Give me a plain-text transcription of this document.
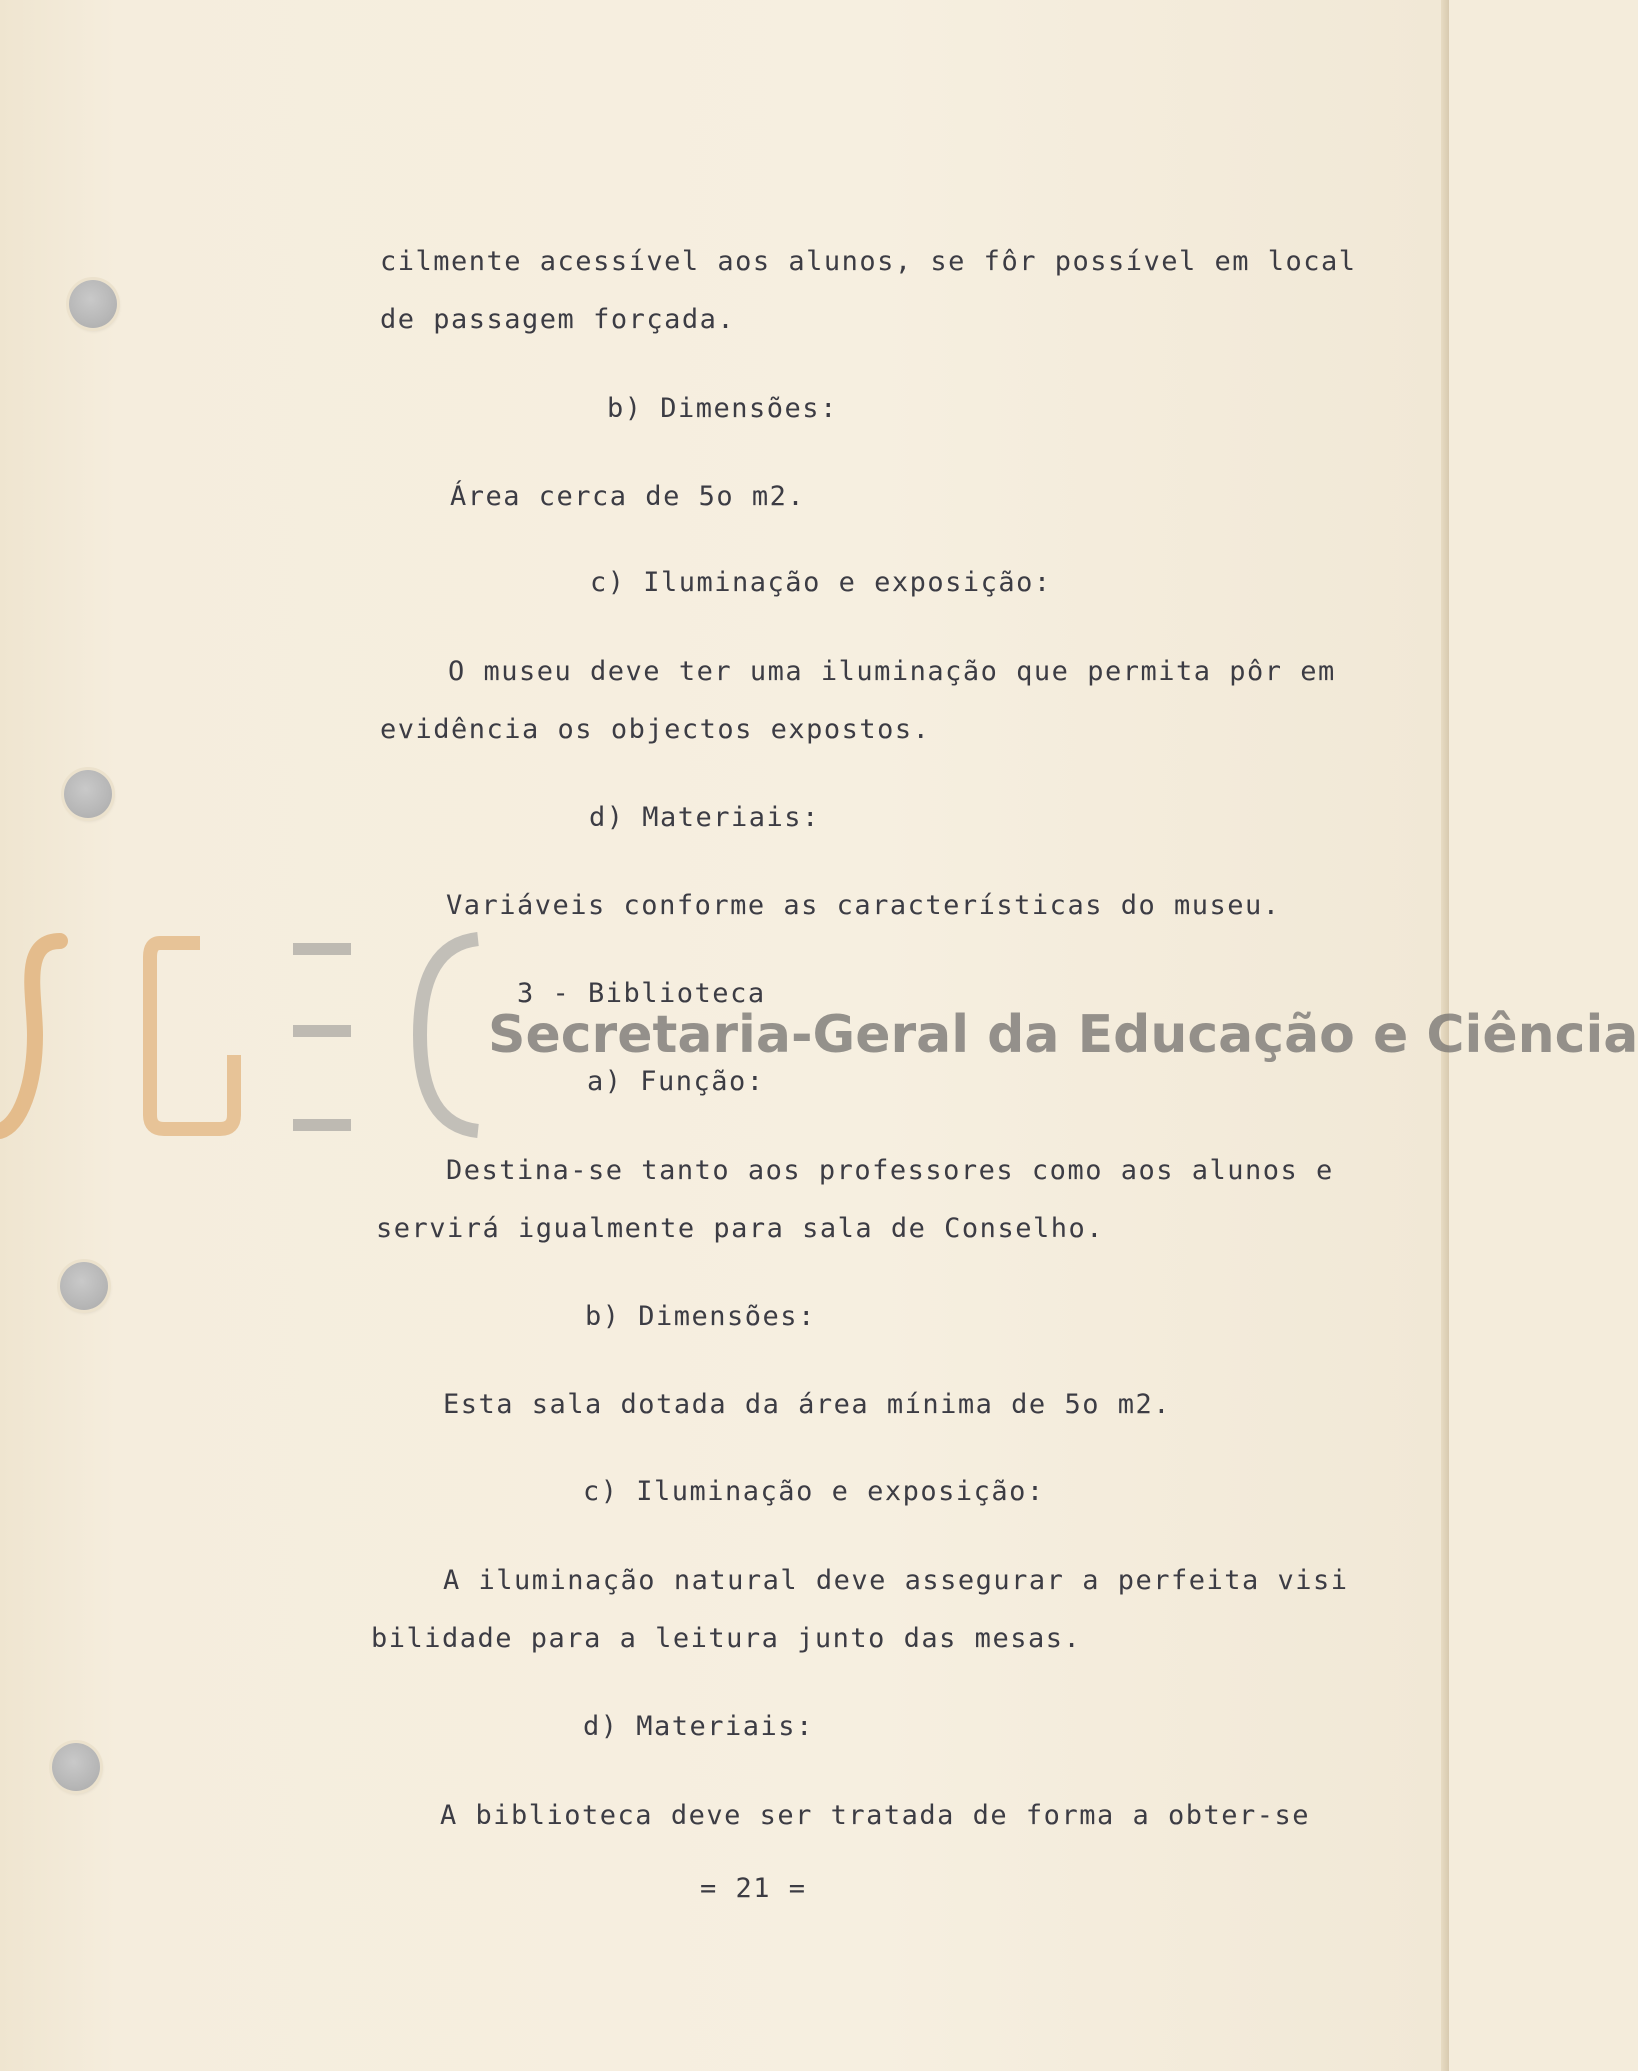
cilmente acessível aos alunos, se fôr possível em local
de passagem forçada.
b) Dimensões:
Área cerca de 5o m2.
c) Iluminação e exposição:
O museu deve ter uma iluminação que permita pôr em
evidência os objectos expostos.
d) Materiais:
Variáveis conforme as características do museu.
3 - Biblioteca
a) Função:
Destina-se tanto aos professores como aos alunos e
servirá igualmente para sala de Conselho.
b) Dimensões:
Esta sala dotada da área mínima de 5o m2.
c) Iluminação e exposição:
A iluminação natural deve assegurar a perfeita visi
bilidade para a leitura junto das mesas.
d) Materiais:
A biblioteca deve ser tratada de forma a obter-se
= 21 =
Secretaria-Geral da Educação e Ciência
